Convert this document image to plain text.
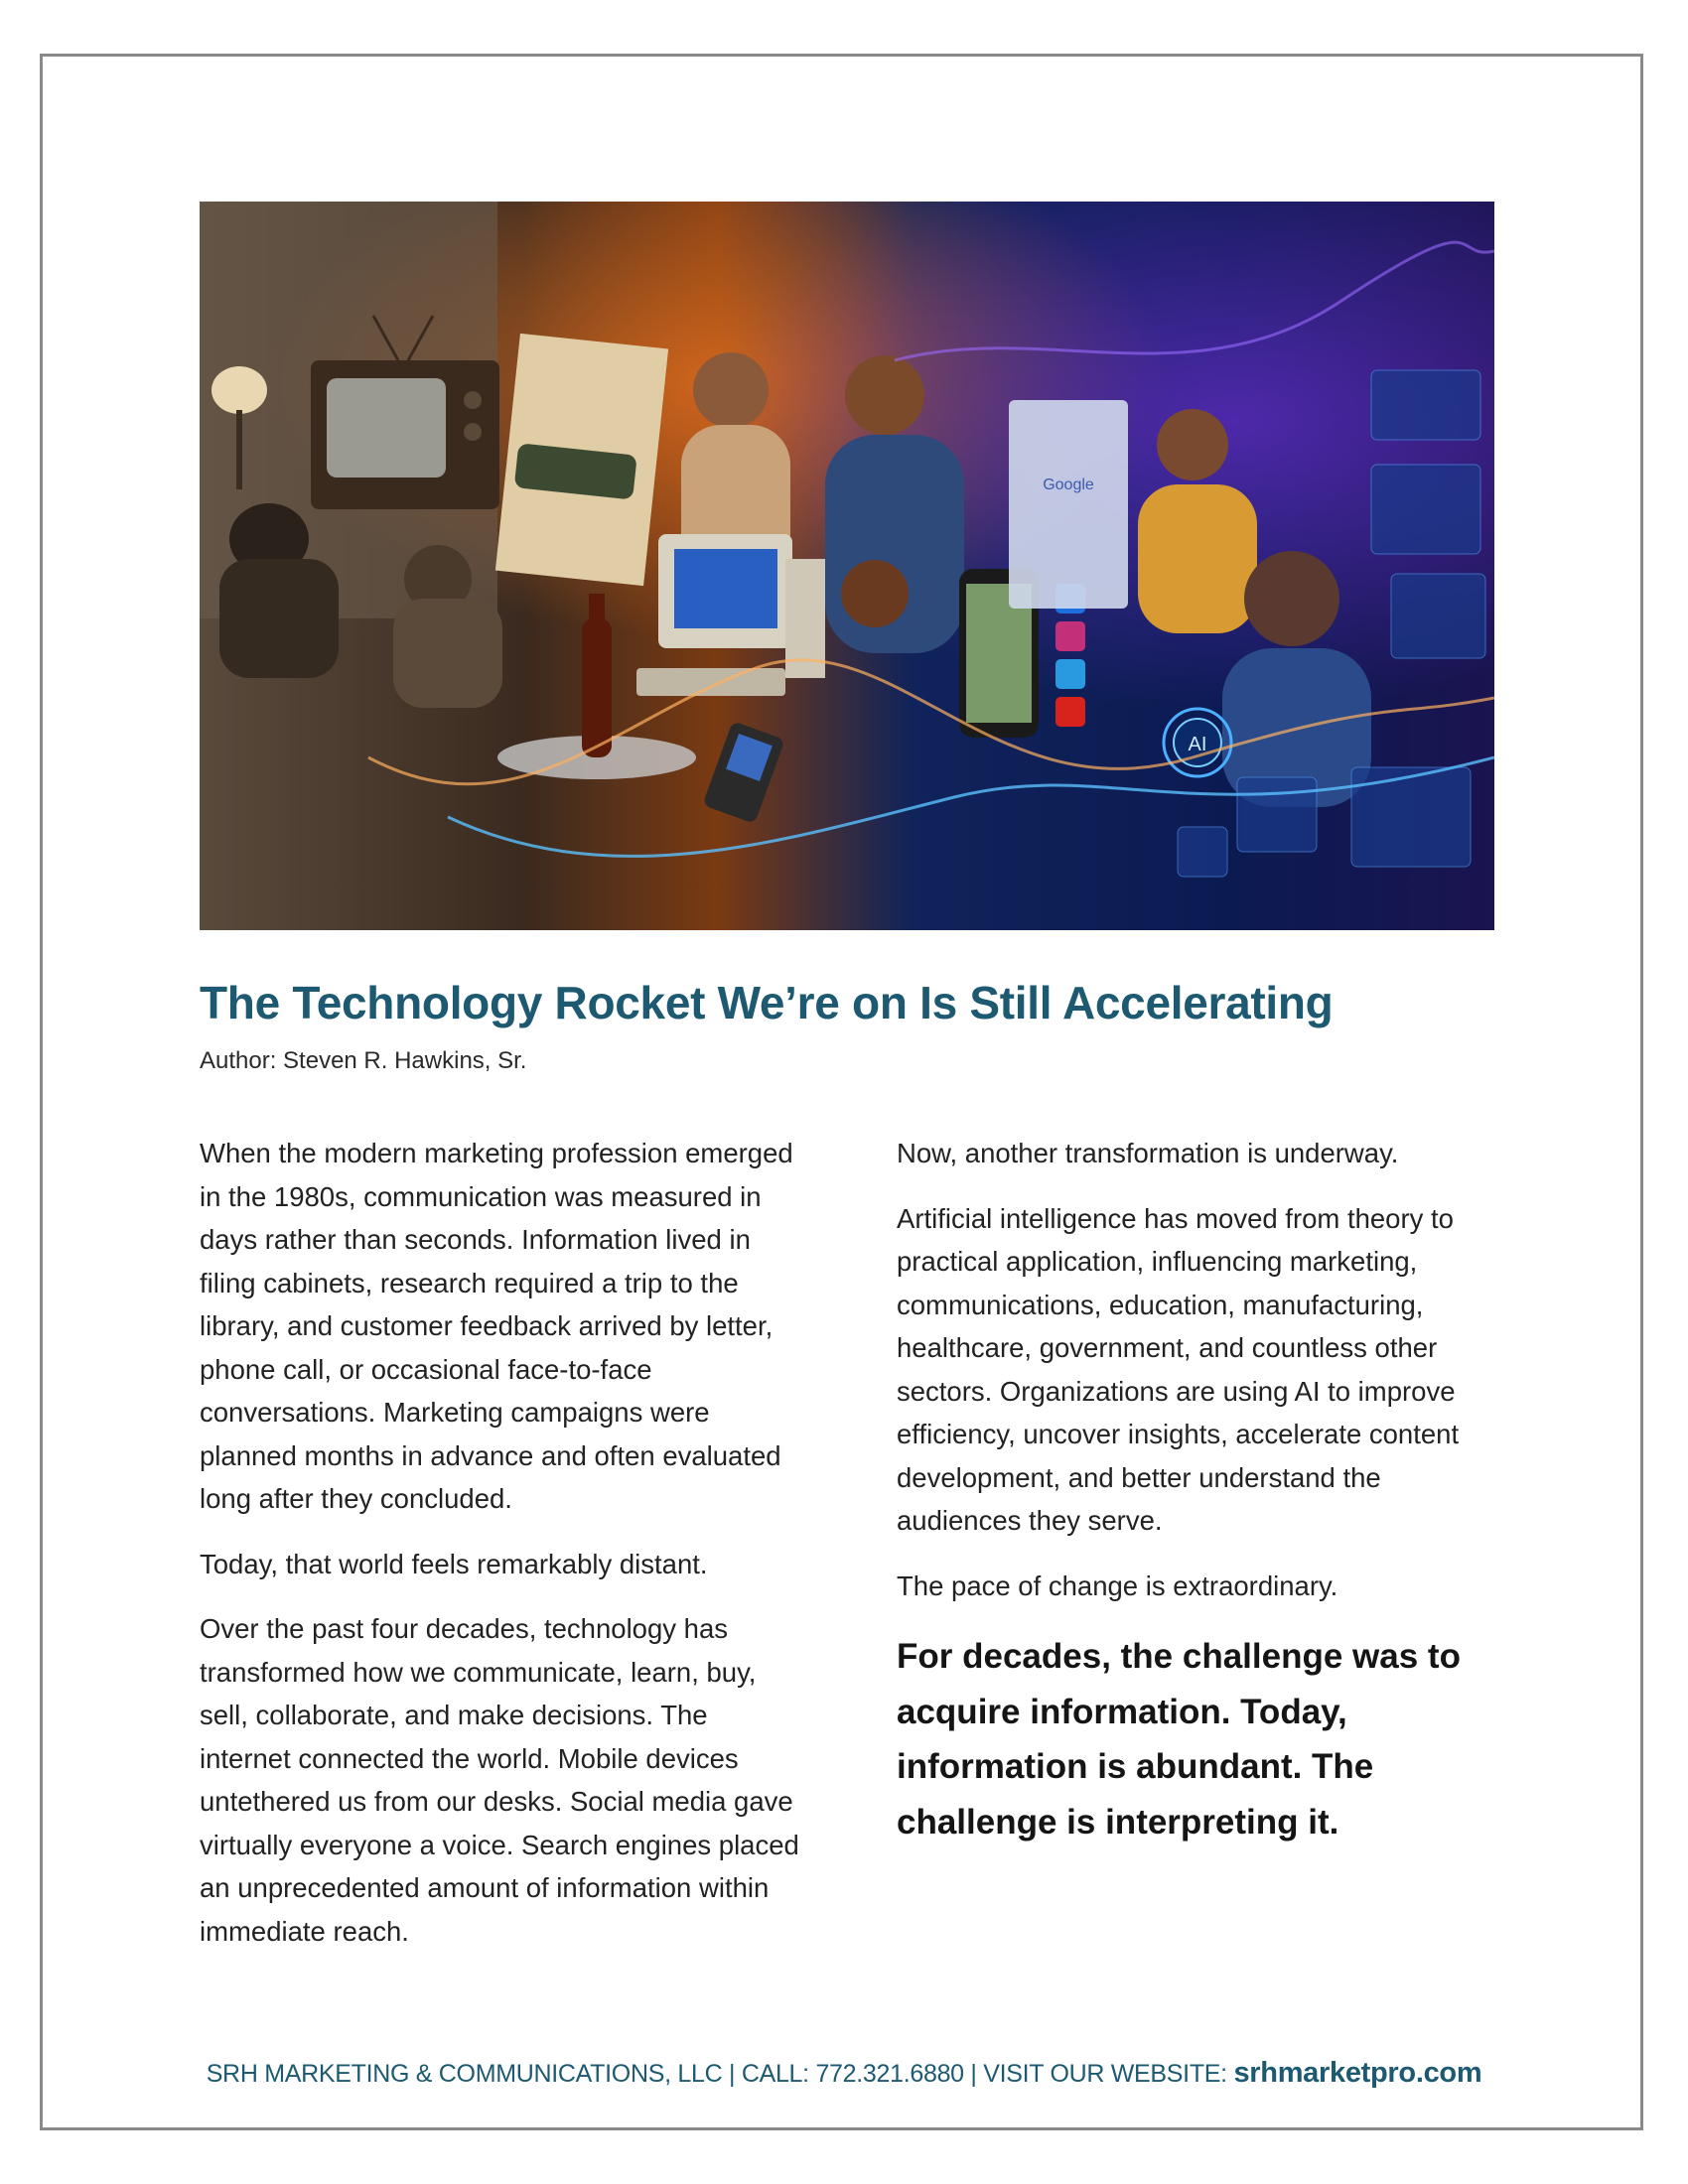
Google
AI
The Technology Rocket We’re on Is Still Accelerating
Author: Steven R. Hawkins, Sr.

When the modern marketing profession emerged in the 1980s, communication was measured in days rather than seconds. Information lived in filing cabinets, research required a trip to the library, and customer feedback arrived by letter, phone call, or occasional face-to-face conversations. Marketing campaigns were planned months in advance and often evaluated long after they concluded.

Today, that world feels remarkably distant.

Over the past four decades, technology has transformed how we communicate, learn, buy, sell, collaborate, and make decisions. The internet connected the world. Mobile devices untethered us from our desks. Social media gave virtually everyone a voice. Search engines placed an unprecedented amount of information within immediate reach.

Now, another transformation is underway.

Artificial intelligence has moved from theory to practical application, influencing marketing, communications, education, manufacturing, healthcare, government, and countless other sectors. Organizations are using AI to improve efficiency, uncover insights, accelerate content development, and better understand the audiences they serve.

The pace of change is extraordinary.

For decades, the challenge was to acquire information. Today, information is abundant. The challenge is interpreting it.

SRH MARKETING & COMMUNICATIONS, LLC | CALL: 772.321.6880 | VISIT OUR WEBSITE: srhmarketpro.com
